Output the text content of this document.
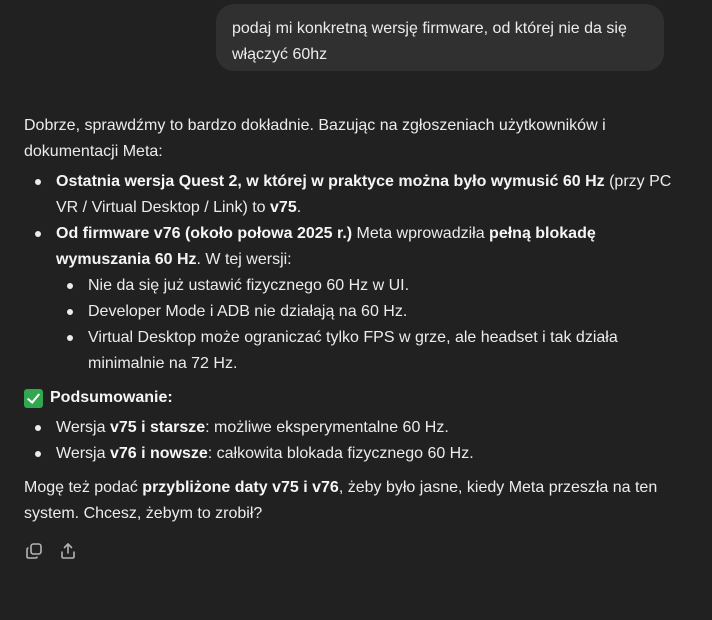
podaj mi konkretną wersję firmware, od której nie da się włączyć 60hz

Dobrze, sprawdźmy to bardzo dokładnie. Bazując na zgłoszeniach użytkowników i dokumentacji Meta:

Ostatnia wersja Quest 2, w której w praktyce można było wymusić 60 Hz (przy PC VR / Virtual Desktop / Link) to v75.
Od firmware v76 (około połowa 2025 r.) Meta wprowadziła pełną blokadę wymuszania 60 Hz. W tej wersji:
Nie da się już ustawić fizycznego 60 Hz w UI.
Developer Mode i ADB nie działają na 60 Hz.
Virtual Desktop może ograniczać tylko FPS w grze, ale headset i tak działa minimalnie na 72 Hz.
Podsumowanie:
Wersja v75 i starsze: możliwe eksperymentalne 60 Hz.
Wersja v76 i nowsze: całkowita blokada fizycznego 60 Hz.

Mogę też podać przybliżone daty v75 i v76, żeby było jasne, kiedy Meta przeszła na ten system. Chcesz, żebym to zrobił?
